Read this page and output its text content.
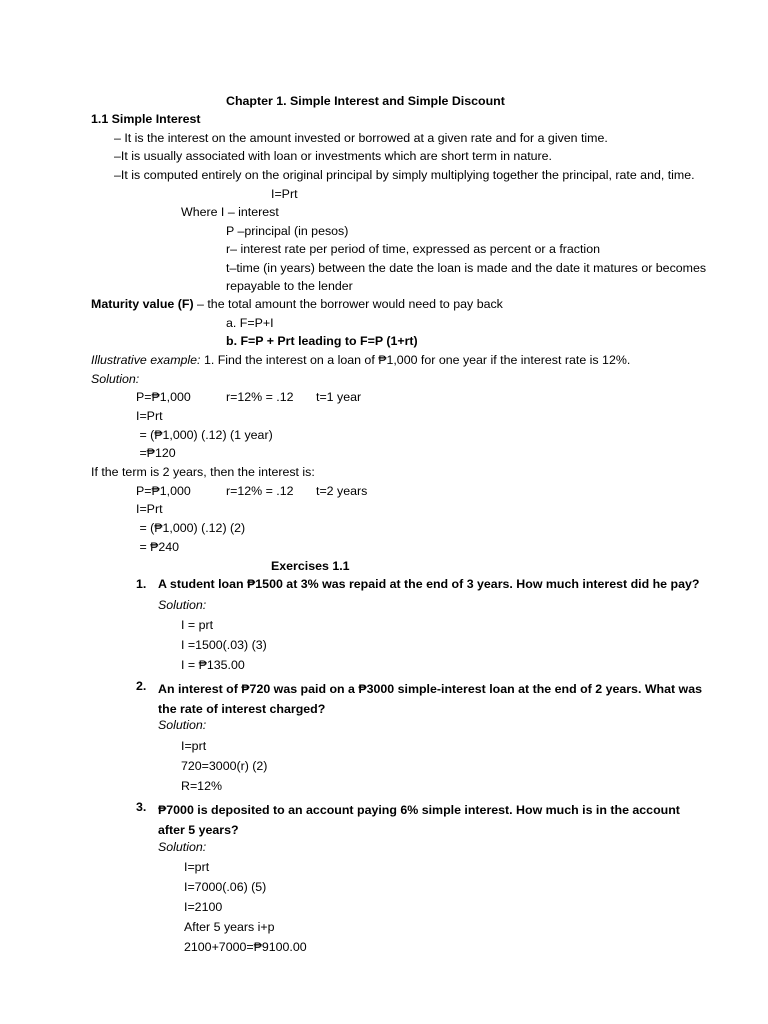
Chapter 1. Simple Interest and Simple Discount
1.1 Simple Interest
– It is the interest on the amount invested or borrowed at a given rate and for a given time.
–It is usually associated with loan or investments which are short term in nature.
–It is computed entirely on the original principal by simply multiplying together the principal, rate and, time.
I=Prt
Where I – interest
P –principal (in pesos)
r– interest rate per period of time, expressed as percent or a fraction
t–time (in years) between the date the loan is made and the date it matures or becomes
repayable to the lender
Maturity value (F) – the total amount the borrower would need to pay back
a. F=P+I
b. F=P + Prt leading to F=P (1+rt)
Illustrative example: 1. Find the interest on a loan of ₱1,000 for one year if the interest rate is 12%.
Solution:
P=₱1,000	r=12% = .12 t=1 year
I=Prt
= (₱1,000) (.12) (1 year)
=₱120
If the term is 2 years, then the interest is:
P=₱1,000	r=12% = .12 t=2 years
I=Prt
= (₱1,000) (.12) (2)
= ₱240
Exercises 1.1
1. A student loan ₱1500 at 3% was repaid at the end of 3 years. How much interest did he pay?
Solution:
I = prt
I =1500(.03) (3)
I = ₱135.00
2. An interest of ₱720 was paid on a ₱3000 simple-interest loan at the end of 2 years. What was the rate of interest charged?
Solution:
I=prt
720=3000(r) (2)
R=12%
3. ₱7000 is deposited to an account paying 6% simple interest. How much is in the account after 5 years?
Solution:
I=prt
I=7000(.06) (5)
I=2100
After 5 years i+p
2100+7000=₱9100.00
